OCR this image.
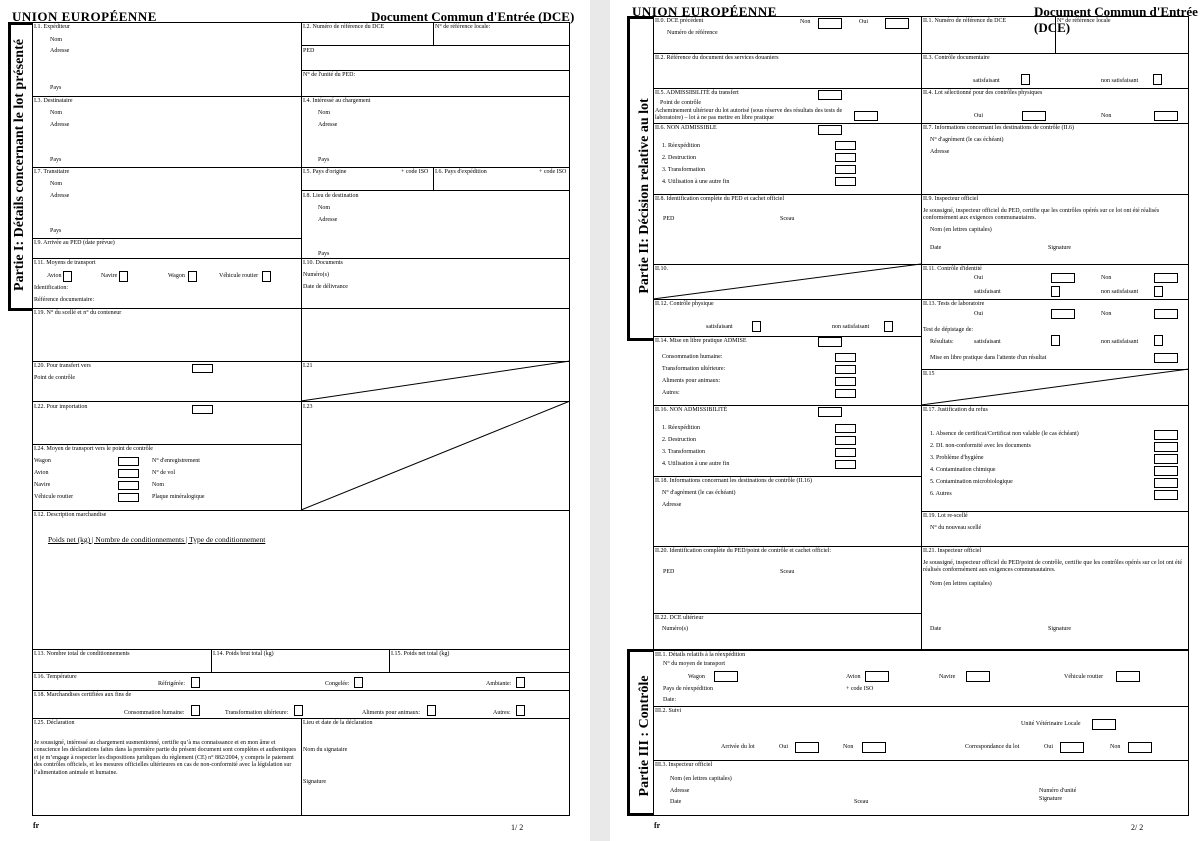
UNION EUROPÉENNE	Document Commun d'Entrée (DCE)
Partie I: Détails concernant le lot présenté
I.1. Expéditeur
Nom
Adresse
Pays
I.2. Numéro de référence du DCE	N° de référence locale:
PED
N° de l'unité du PED:
I.3. Destinataire
Nom
Adresse
Pays
I.4. Intéressé au chargement
Nom
Adresse
Pays
I.7. Transitaire
Nom
Adresse
Pays
I.5. Pays d'origine	+ code ISO I.6. Pays d'expédition	+ code ISO
I.8. Lieu de destination
Nom
Adresse
Pays
I.9. Arrivée au PED (date prévue)
I.11. Moyens de transport
Avion	Navire	Wagon	Véhicule routier
Identification:
Référence documentaire:
I.10. Documents
Numéro(s)
Date de délivrance
I.19. N° du scellé et n° du conteneur
I.20. Pour transfert vers
Point de contrôle
I.21
I.22. Pour importation	I.23
I.24. Moyen de transport vers le point de contrôle
Wagon	N° d'enregistrement
Avion	N° de vol
Navire	Nom
Véhicule routier	Plaque minéralogique
I.12. Description marchandise
Poids net (kg) | Nombre de conditionnements | Type de conditionnement
I.13. Nombre total de conditionnements	I.14. Poids brut total (kg)	I.15. Poids net total (kg)
I.16. Température
Réfrigérée:	Congelée:	Ambiante:
I.18. Marchandises certifiées aux fins de
Consommation humaine:	Transformation ultérieure:	Aliments pour animaux:	Autres:
I.25. Déclaration
Je soussigné, intéressé au chargement susmentionné, certifie qu’à ma connaissance et en mon âme et conscience les déclarations faites dans la première partie du présent document sont complètes et authentiques et je m’engage à respecter les dispositions juridiques du règlement (CE) n° 882/2004, y compris le paiement des contrôles officiels, et les mesures officielles ultérieures en cas de non-conformité avec la législation sur l’alimentation animale et humaine.
Lieu et date de la déclaration
Nom du signataire
Signature
fr	1/ 2
UNION EUROPÉENNE	Document Commun d'Entrée (DCE)
Partie II: Décision relative au lot
Partie III : Contrôle
II.0. DCE précédent	Non	Oui
Numéro de référence
II.1. Numéro de référence du DCE	N° de référence locale
II.2. Référence du document des services douaniers	II.3. Contrôle documentaire
satisfaisant	non satisfaisant
II.5. ADMISSIBILITÉ du transfert
Point de contrôle
Acheminement ultérieur du lot autorisé (sous réserve des résultats des tests de laboratoire) – lot à ne pas mettre en libre pratique
II.4. Lot sélectionné pour des contrôles physiques
Oui	Non
II.6. NON ADMISSIBLE
1. Réexpédition
2. Destruction
3. Transformation
4. Utilisation à une autre fin
II.7. Informations concernant les destinations de contrôle (II.6)
N° d'agrément (le cas échéant)
Adresse
II.8. Identification complète du PED et cachet officiel
PED	Sceau
II.9. Inspecteur officiel
Je soussigné, inspecteur officiel du PED, certifie que les contrôles opérés sur ce lot ont été réalisés conformément aux exigences communautaires.
Nom (en lettres capitales)
Date	Signature
II.10.	II.11. Contrôle d'identité
Oui	Non
satisfaisant	non satisfaisant
II.12. Contrôle physique
satisfaisant	non satisfaisant
II.13. Tests de laboratoire
Oui	Non
Test de dépistage de:
Résultats:	satisfaisant	non satisfaisant
Mise en libre pratique dans l'attente d'un résultat
II.14. Mise en libre pratique ADMISE
Consommation humaine:
Transformation ultérieure:
Aliments pour animaux:
Autres:
II.15
II.16. NON ADMISSIBILITÉ
1. Réexpédition
2. Destruction
3. Transformation
4. Utilisation à une autre fin
II.17. Justification du refus
1. Absence de certificat/Certificat non valable (le cas échéant)
2. DI. non-conformité avec les documents
3. Problème d'hygiène
4. Contamination chimique
5. Contamination microbiologique
6. Autres
II.18. Informations concernant les destinations de contrôle (II.16)
N° d'agrément (le cas échéant)
Adresse
II.19. Lot re-scellé
N° du nouveau scellé
II.20. Identification complète du PED/point de contrôle et cachet officiel:
PED	Sceau
II.21. Inspecteur officiel
Je soussigné, inspecteur officiel du PED/point de contrôle, certifie que les contrôles opérés sur ce lot ont été réalisés conformément aux exigences communautaires.
Nom (en lettres capitales)
Date	Signature
II.22. DCE ultérieur
Numéro(s)
III.1. Détails relatifs à la réexpédition
N° du moyen de transport
Wagon	Avion	Navire	Véhicule routier
Pays de réexpédition	+ code ISO
Date:
III.2. Suivi
Unité Vétérinaire Locale
Arrivée du lot	Oui	Non	Correspondance du lot	Oui	Non
III.3. Inspecteur officiel
Nom (en lettres capitales)
Adresse
Date	Sceau
Numéro d'unité
Signature
fr	2/ 2
